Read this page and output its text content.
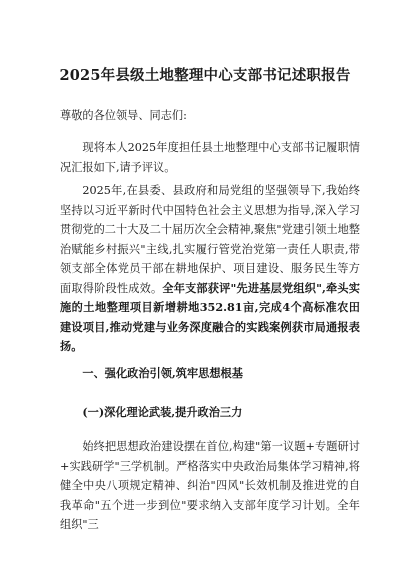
2025年县级土地整理中心支部书记述职报告
尊敬的各位领导、同志们:
现将本人2025年度担任县土地整理中心支部书记履职情况汇报如下,请予评议。
2025年,在县委、县政府和局党组的坚强领导下,我始终坚持以习近平新时代中国特色社会主义思想为指导,深入学习贯彻党的二十大及二十届历次全会精神,聚焦"党建引领土地整治赋能乡村振兴"主线,扎实履行管党治党第一责任人职责,带领支部全体党员干部在耕地保护、项目建设、服务民生等方面取得阶段性成效。全年支部获评"先进基层党组织",牵头实施的土地整理项目新增耕地352.81亩,完成4个高标准农田建设项目,推动党建与业务深度融合的实践案例获市局通报表扬。
一、强化政治引领,筑牢思想根基
(一)深化理论武装,提升政治三力
始终把思想政治建设摆在首位,构建"第一议题+专题研讨+实践研学"三学机制。严格落实中央政治局集体学习精神,将健全中央八项规定精神、纠治"四风"长效机制及推进党的自我革命"五个进一步到位"要求纳入支部年度学习计划。全年组织"三
